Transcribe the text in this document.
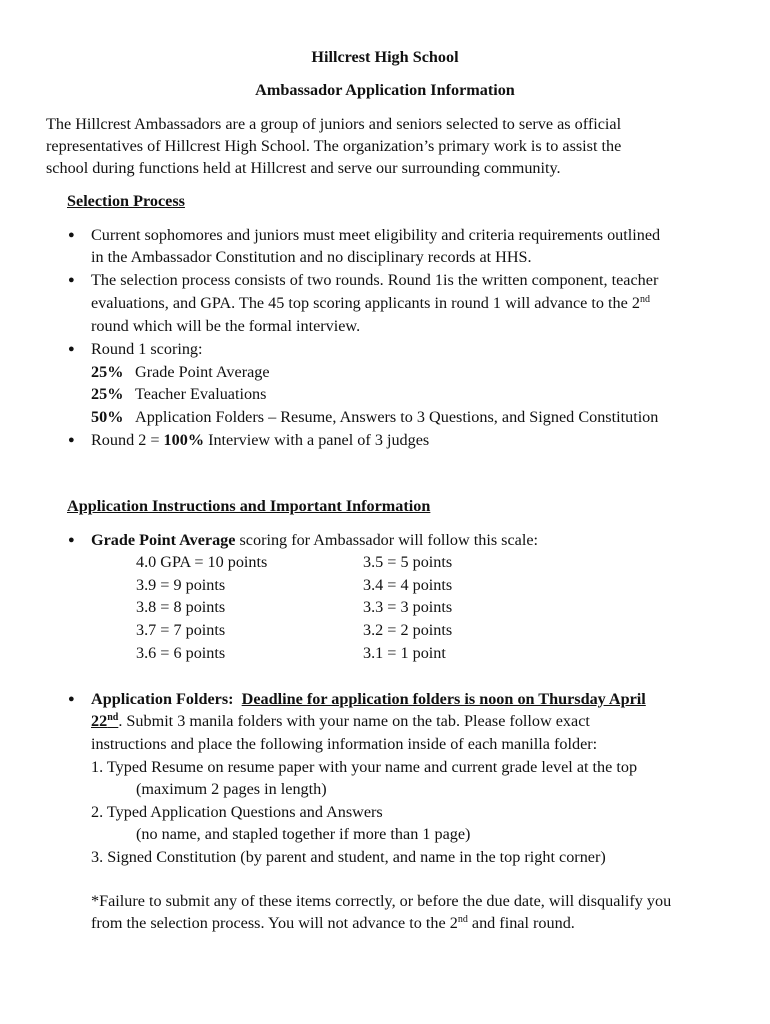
Hillcrest High School
Ambassador Application Information
The Hillcrest Ambassadors are a group of juniors and seniors selected to serve as official
representatives of Hillcrest High School. The organization’s primary work is to assist the
school during functions held at Hillcrest and serve our surrounding community.
Selection Process
● Current sophomores and juniors must meet eligibility and criteria requirements outlined
in the Ambassador Constitution and no disciplinary records at HHS.
● The selection process consists of two rounds. Round 1is the written component, teacher
evaluations, and GPA. The 45 top scoring applicants in round 1 will advance to the 2nd
round which will be the formal interview.
● Round 1 scoring:
25% Grade Point Average
25% Teacher Evaluations
50% Application Folders – Resume, Answers to 3 Questions, and Signed Constitution
● Round 2 = 100% Interview with a panel of 3 judges
Application Instructions and Important Information
● Grade Point Average scoring for Ambassador will follow this scale:
4.0 GPA = 10 points
3.9 = 9 points
3.8 = 8 points
3.7 = 7 points
3.6 = 6 points
3.5 = 5 points
3.4 = 4 points
3.3 = 3 points
3.2 = 2 points
3.1 = 1 point
● Application Folders: Deadline for application folders is noon on Thursday April
22nd. Submit 3 manila folders with your name on the tab. Please follow exact
instructions and place the following information inside of each manilla folder:
1. Typed Resume on resume paper with your name and current grade level at the top
(maximum 2 pages in length)
2. Typed Application Questions and Answers
(no name, and stapled together if more than 1 page)
3. Signed Constitution (by parent and student, and name in the top right corner)
*Failure to submit any of these items correctly, or before the due date, will disqualify you
from the selection process. You will not advance to the 2nd and final round.
